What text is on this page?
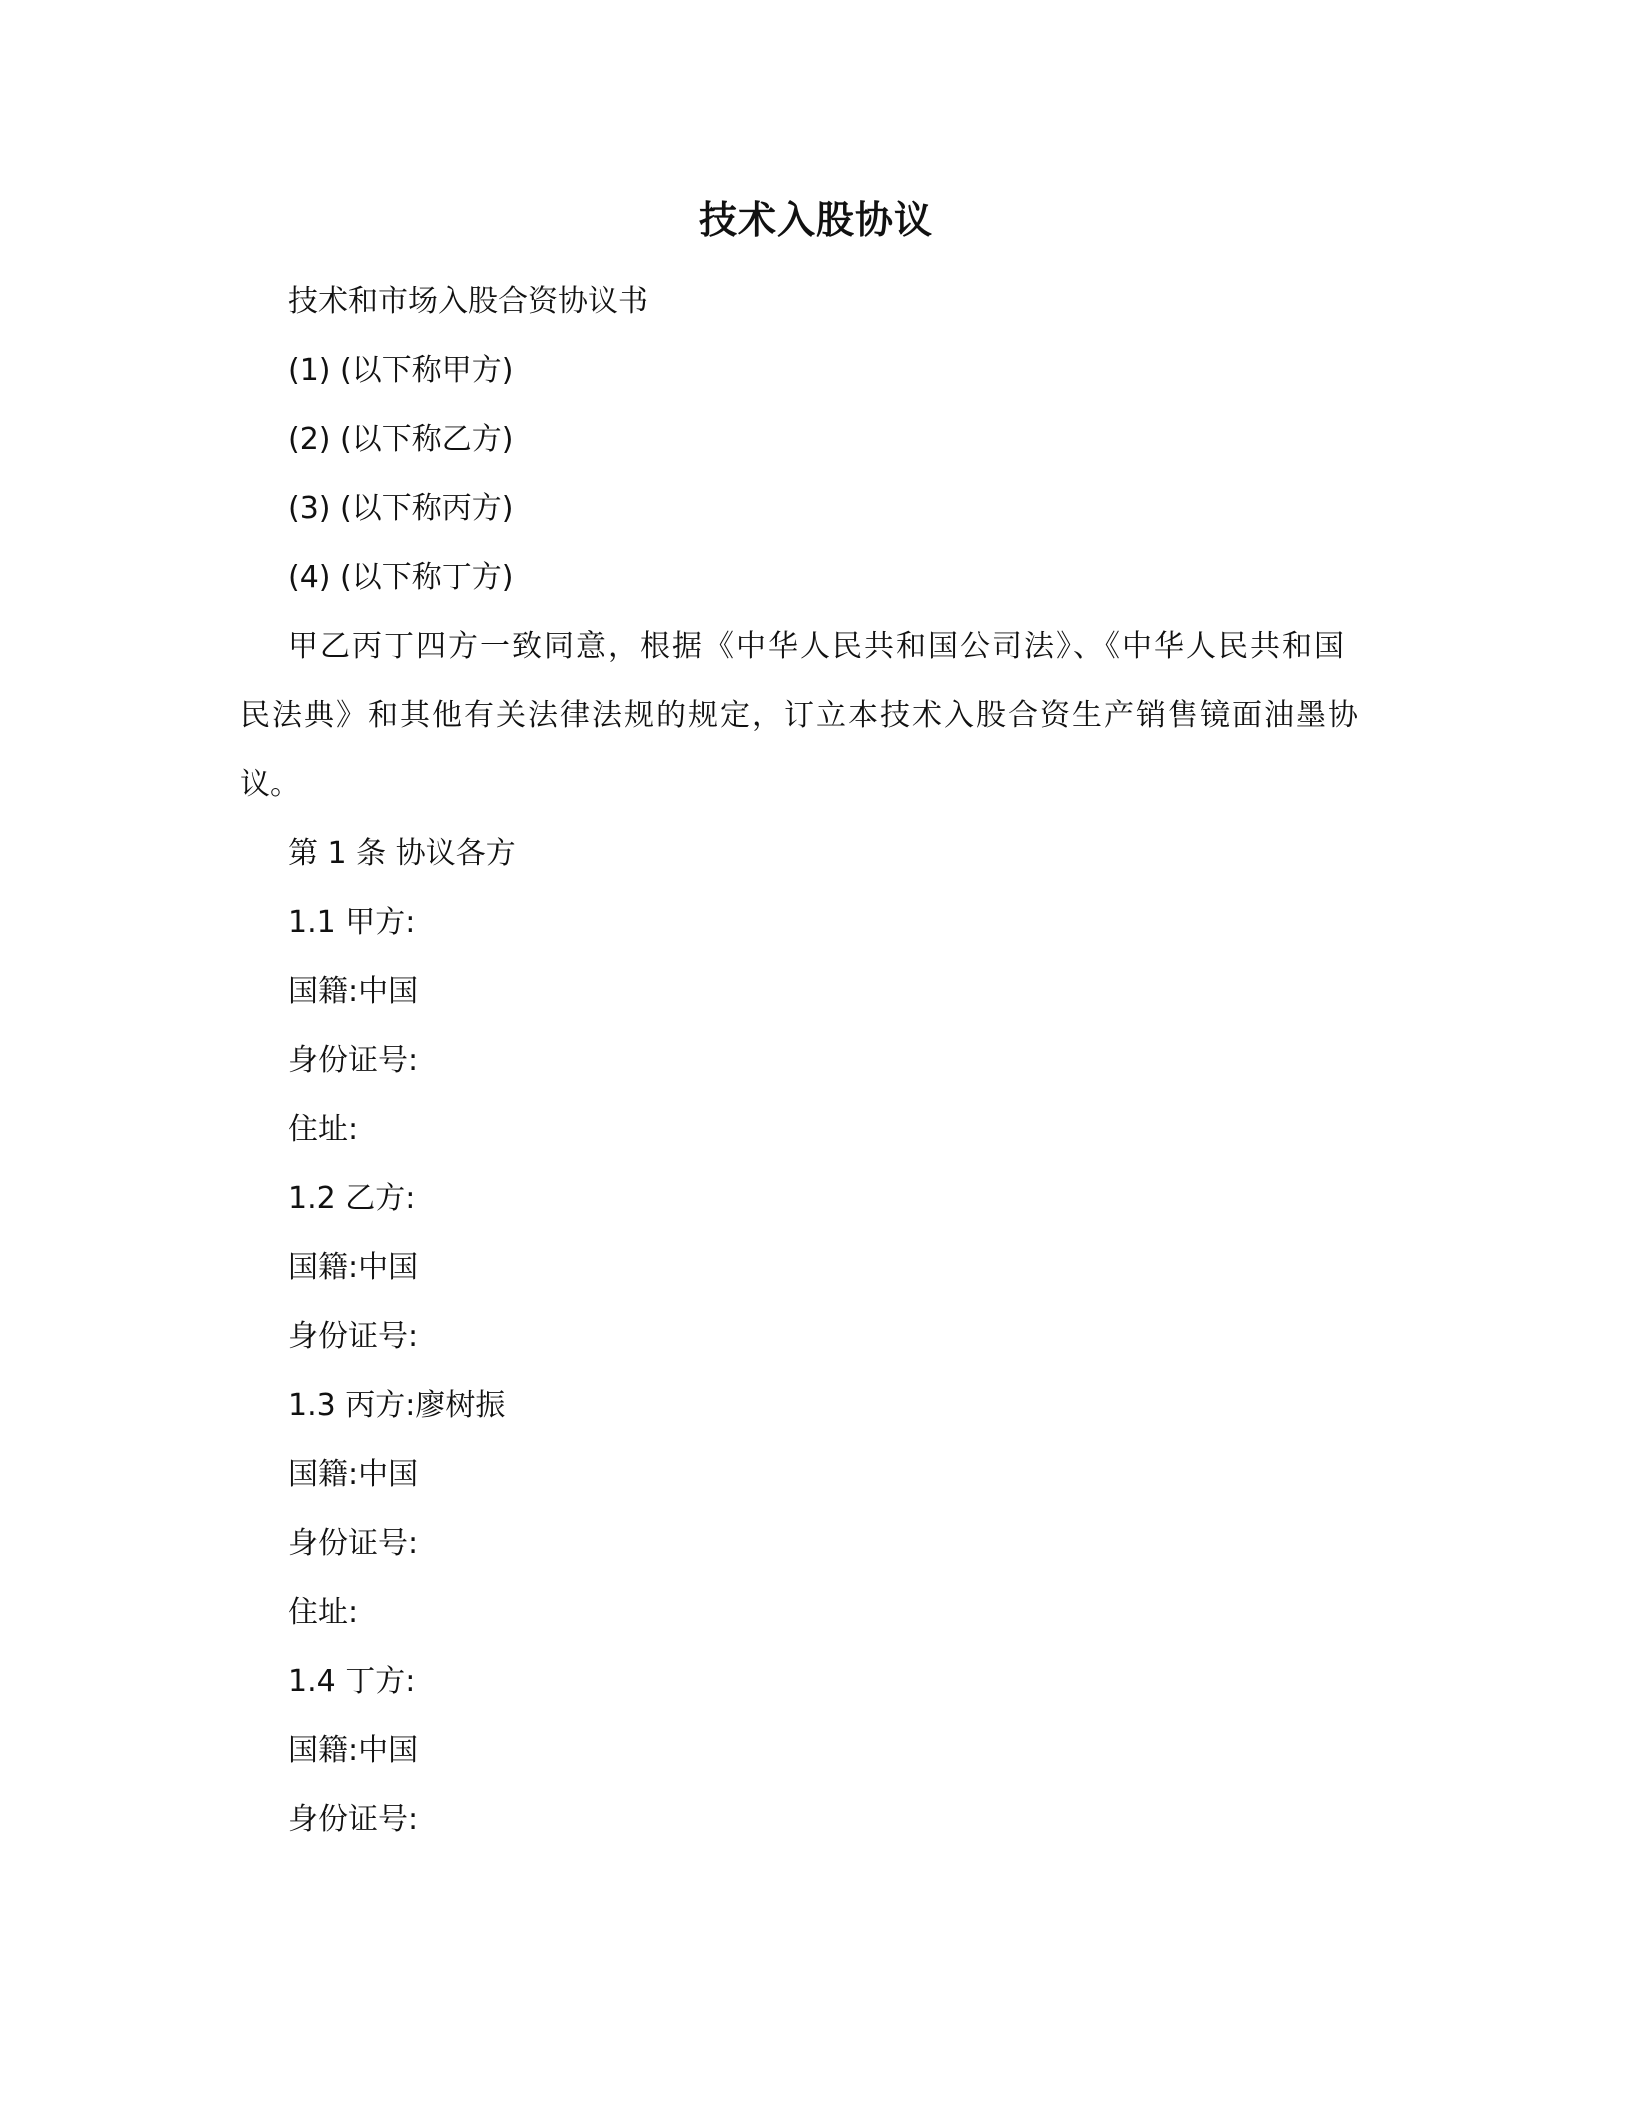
技术入股协议
技术和市场入股合资协议书
(1) (以下称甲方)
(2) (以下称乙方)
(3) (以下称丙方)
(4) (以下称丁方)
甲乙丙丁四方一致同意，根据《中华人民共和国公司法》、《中华人民共和国
民法典》和其他有关法律法规的规定，订立本技术入股合资生产销售镜面油墨协
议。
第 1 条 协议各方
1.1 甲方:
国籍:中国
身份证号:
住址:
1.2 乙方:
国籍:中国
身份证号:
1.3 丙方:廖树振
国籍:中国
身份证号:
住址:
1.4 丁方:
国籍:中国
身份证号:
